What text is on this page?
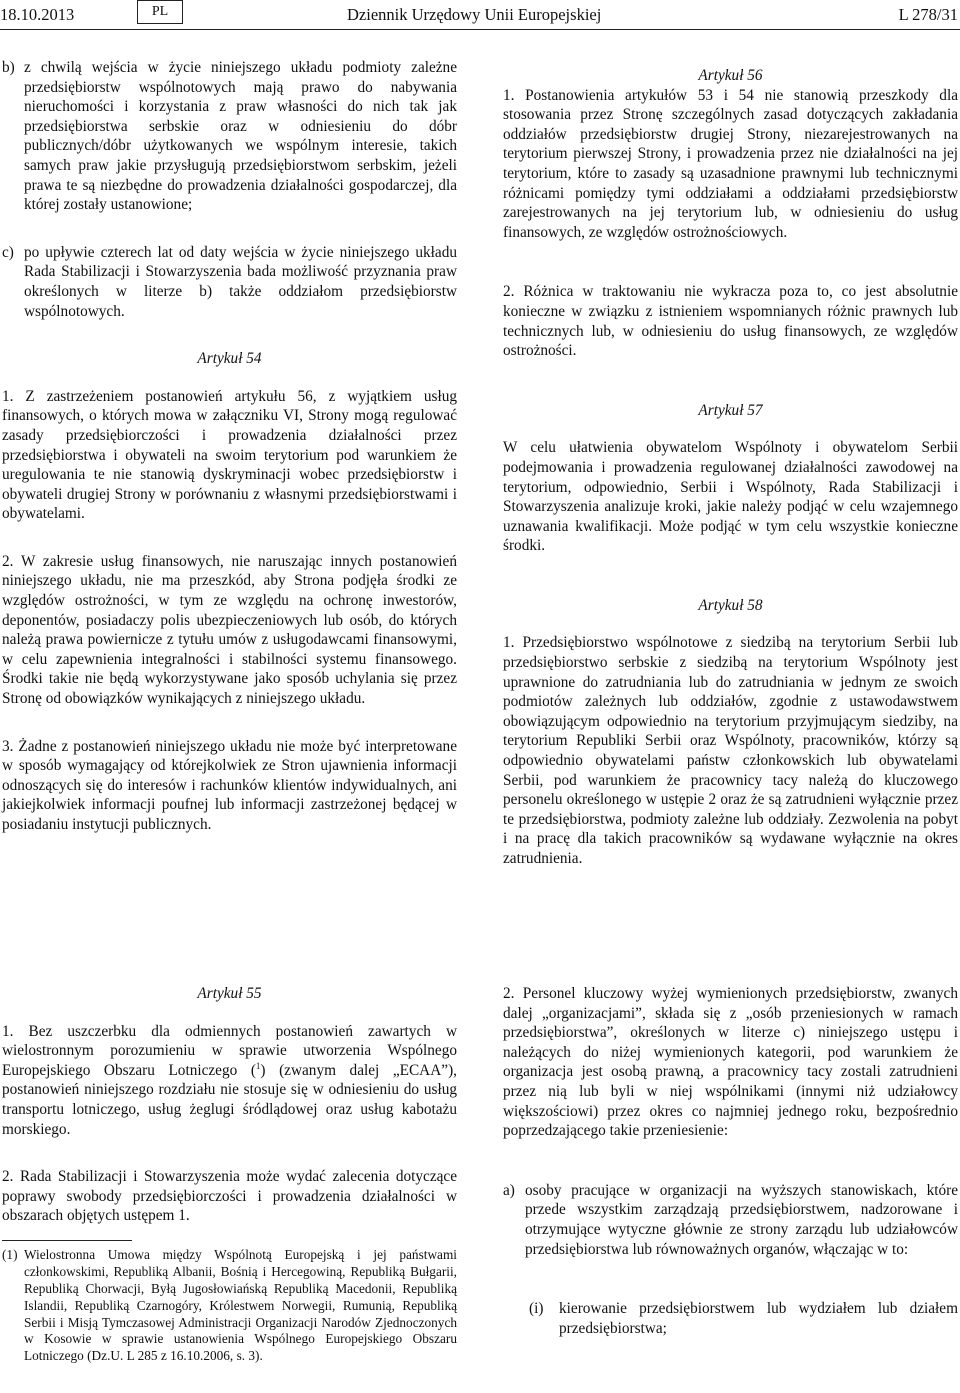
18.10.2013	PL	Dziennik Urzędowy Unii Europejskiej	L 278/31
b) z chwilą wejścia w życie niniejszego układu podmioty zależne przedsiębiorstw wspólnotowych mają prawo do nabywania nieruchomości i korzystania z praw własności do nich tak jak przedsiębiorstwa serbskie oraz w odniesieniu do dóbr publicznych/dóbr użytkowanych we wspólnym interesie, takich samych praw jakie przysługują przedsiębiorstwom serbskim, jeżeli prawa te są niezbędne do prowadzenia działalności gospodarczej, dla której zostały ustanowione;
c) po upływie czterech lat od daty wejścia w życie niniejszego układu Rada Stabilizacji i Stowarzyszenia bada możliwość przyznania praw określonych w literze b) także oddziałom przedsiębiorstw wspólnotowych.

Artykuł 54

1. Z zastrzeżeniem postanowień artykułu 56, z wyjątkiem usług finansowych, o których mowa w załączniku VI, Strony mogą regulować zasady przedsiębiorczości i prowadzenia działalności przez przedsiębiorstwa i obywateli na swoim terytorium pod warunkiem że uregulowania te nie stanowią dyskryminacji wobec przedsiębiorstw i obywateli drugiej Strony w porównaniu z własnymi przedsiębiorstwami i obywatelami.

2. W zakresie usług finansowych, nie naruszając innych postanowień niniejszego układu, nie ma przeszkód, aby Strona podjęła środki ze względów ostrożności, w tym ze względu na ochronę inwestorów, deponentów, posiadaczy polis ubezpieczeniowych lub osób, do których należą prawa powiernicze z tytułu umów z usługodawcami finansowymi, w celu zapewnienia integralności i stabilności systemu finansowego. Środki takie nie będą wykorzystywane jako sposób uchylania się przez Stronę od obowiązków wynikających z niniejszego układu.

3. Żadne z postanowień niniejszego układu nie może być interpretowane w sposób wymagający od którejkolwiek ze Stron ujawnienia informacji odnoszących się do interesów i rachunków klientów indywidualnych, ani jakiejkolwiek informacji poufnej lub informacji zastrzeżonej będącej w posiadaniu instytucji publicznych.

Artykuł 56

1. Postanowienia artykułów 53 i 54 nie stanowią przeszkody dla stosowania przez Stronę szczególnych zasad dotyczących zakładania oddziałów przedsiębiorstw drugiej Strony, niezarejestrowanych na terytorium pierwszej Strony, i prowadzenia przez nie działalności na jej terytorium, które to zasady są uzasadnione prawnymi lub technicznymi różnicami pomiędzy tymi oddziałami a oddziałami przedsiębiorstw zarejestrowanych na jej terytorium lub, w odniesieniu do usług finansowych, ze względów ostrożnościowych.

2. Różnica w traktowaniu nie wykracza poza to, co jest absolutnie konieczne w związku z istnieniem wspomnianych różnic prawnych lub technicznych lub, w odniesieniu do usług finansowych, ze względów ostrożności.

Artykuł 57

W celu ułatwienia obywatelom Wspólnoty i obywatelom Serbii podejmowania i prowadzenia regulowanej działalności zawodowej na terytorium, odpowiednio, Serbii i Wspólnoty, Rada Stabilizacji i Stowarzyszenia analizuje kroki, jakie należy podjąć w celu wzajemnego uznawania kwalifikacji. Może podjąć w tym celu wszystkie konieczne środki.

Artykuł 58

1. Przedsiębiorstwo wspólnotowe z siedzibą na terytorium Serbii lub przedsiębiorstwo serbskie z siedzibą na terytorium Wspólnoty jest uprawnione do zatrudniania lub do zatrudniania w jednym ze swoich podmiotów zależnych lub oddziałów, zgodnie z ustawodawstwem obowiązującym odpowiednio na terytorium przyjmującym siedziby, na terytorium Republiki Serbii oraz Wspólnoty, pracowników, którzy są odpowiednio obywatelami państw członkowskich lub obywatelami Serbii, pod warunkiem że pracownicy tacy należą do kluczowego personelu określonego w ustępie 2 oraz że są zatrudnieni wyłącznie przez te przedsiębiorstwa, podmioty zależne lub oddziały. Zezwolenia na pobyt i na pracę dla takich pracowników są wydawane wyłącznie na okres zatrudnienia.

Artykuł 55

1. Bez uszczerbku dla odmiennych postanowień zawartych w wielostronnym porozumieniu w sprawie utworzenia Wspólnego Europejskiego Obszaru Lotniczego ($^1$) (zwanym dalej „ECAA”), postanowień niniejszego rozdziału nie stosuje się w odniesieniu do usług transportu lotniczego, usług żeglugi śródlądowej oraz usług kabotażu morskiego.

2. Rada Stabilizacji i Stowarzyszenia może wydać zalecenia dotyczące poprawy swobody przedsiębiorczości i prowadzenia działalności w obszarach objętych ustępem 1.

(1) Wielostronna Umowa między Wspólnotą Europejską i jej państwami członkowskimi, Republiką Albanii, Bośnią i Hercegowiną, Republiką Bułgarii, Republiką Chorwacji, Byłą Jugosłowiańską Republiką Macedonii, Republiką Islandii, Republiką Czarnogóry, Królestwem Norwegii, Rumunią, Republiką Serbii i Misją Tymczasowej Administracji Organizacji Narodów Zjednoczonych w Kosowie w sprawie ustanowienia Wspólnego Europejskiego Obszaru Lotniczego (Dz.U. L 285 z 16.10.2006, s. 3).

2. Personel kluczowy wyżej wymienionych przedsiębiorstw, zwanych dalej „organizacjami”, składa się z „osób przeniesionych w ramach przedsiębiorstwa”, określonych w literze c) niniejszego ustępu i należących do niżej wymienionych kategorii, pod warunkiem że organizacja jest osobą prawną, a pracownicy tacy zostali zatrudnieni przez nią lub byli w niej wspólnikami (innymi niż udziałowcy większościowi) przez okres co najmniej jednego roku, bezpośrednio poprzedzającego takie przeniesienie:

a) osoby pracujące w organizacji na wyższych stanowiskach, które przede wszystkim zarządzają przedsiębiorstwem, nadzorowane i otrzymujące wytyczne głównie ze strony zarządu lub udziałowców przedsiębiorstwa lub równoważnych organów, włączając w to:
(i)	kierowanie przedsiębiorstwem lub wydziałem lub działem przedsiębiorstwa;
